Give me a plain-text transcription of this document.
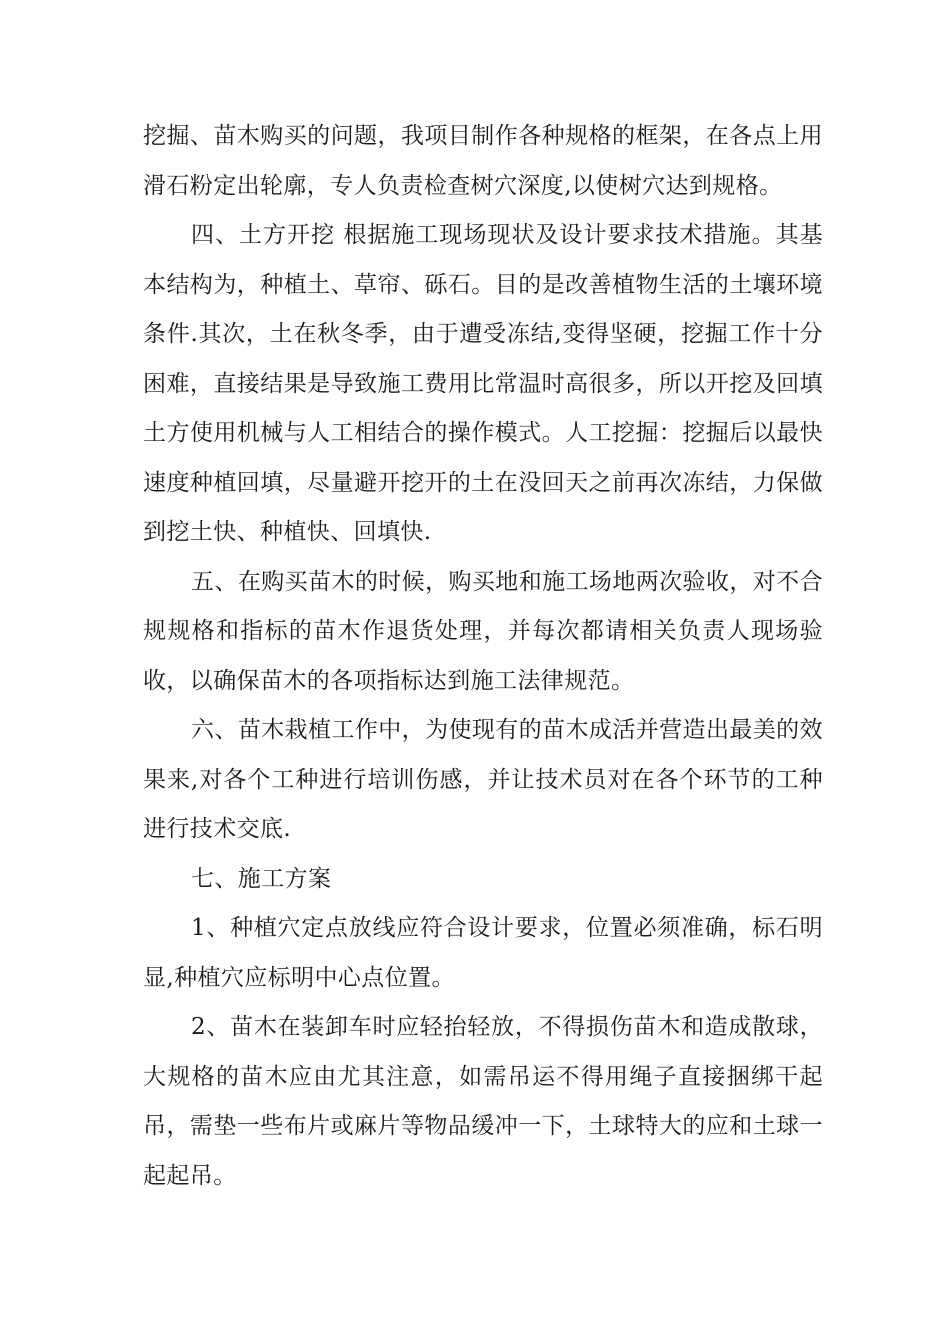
挖掘、苗木购买的问题，我项目制作各种规格的框架，在各点上用滑石粉定出轮廓，专人负责检查树穴深度,以使树穴达到规格。

四、土方开挖 根据施工现场现状及设计要求技术措施。其基本结构为，种植土、草帘、砾石。目的是改善植物生活的土壤环境条件.其次，土在秋冬季，由于遭受冻结,变得坚硬，挖掘工作十分困难，直接结果是导致施工费用比常温时高很多，所以开挖及回填土方使用机械与人工相结合的操作模式。人工挖掘：挖掘后以最快速度种植回填，尽量避开挖开的土在没回天之前再次冻结，力保做到挖土快、种植快、回填快.

五、在购买苗木的时候，购买地和施工场地两次验收，对不合规规格和指标的苗木作退货处理，并每次都请相关负责人现场验收，以确保苗木的各项指标达到施工法律规范。

六、苗木栽植工作中，为使现有的苗木成活并营造出最美的效果来,对各个工种进行培训伤感，并让技术员对在各个环节的工种进行技术交底.

七、施工方案

1、种植穴定点放线应符合设计要求，位置必须准确，标石明显,种植穴应标明中心点位置。

2、苗木在装卸车时应轻抬轻放，不得损伤苗木和造成散球，大规格的苗木应由尤其注意，如需吊运不得用绳子直接捆绑干起吊，需垫一些布片或麻片等物品缓冲一下，土球特大的应和土球一起起吊。
